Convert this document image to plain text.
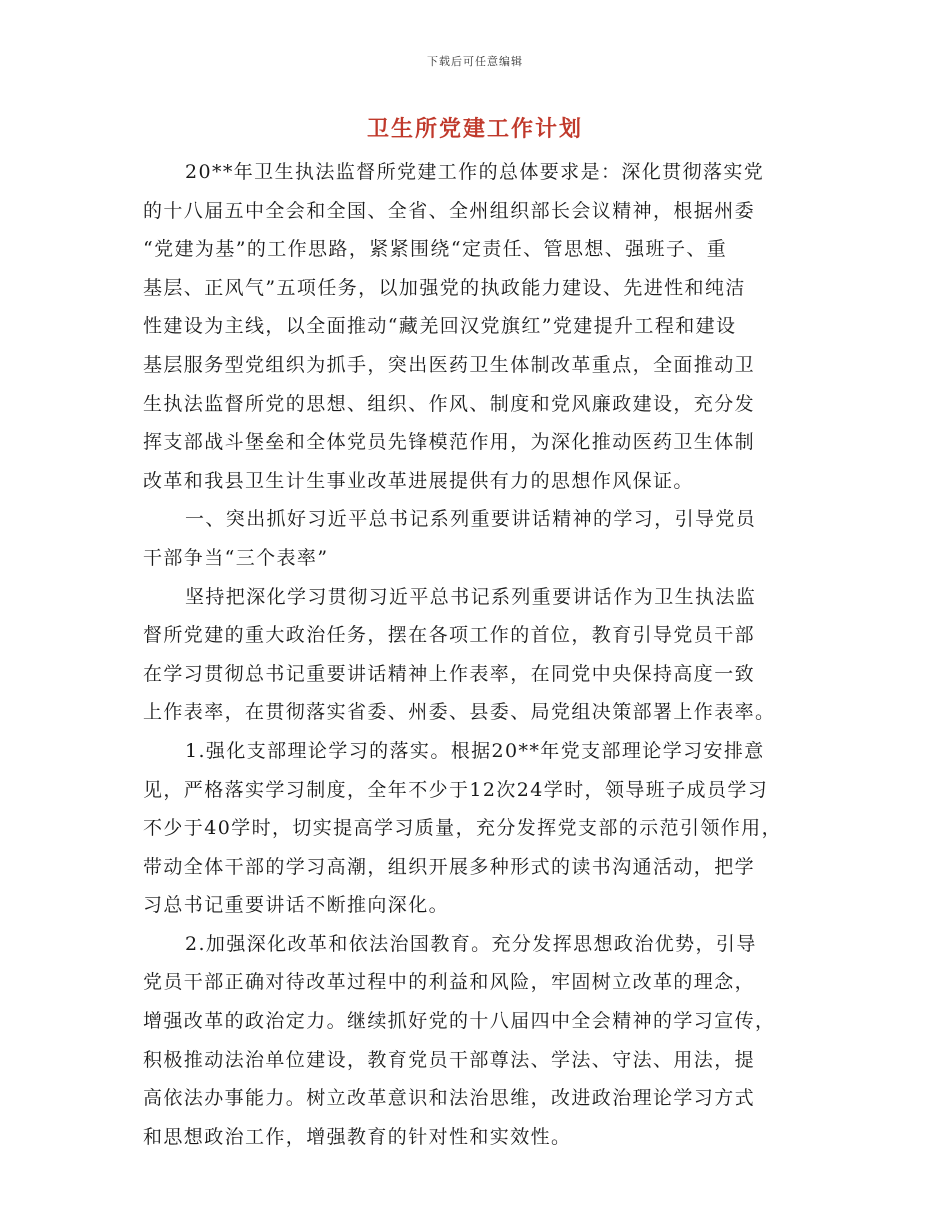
下载后可任意编辑
卫生所党建工作计划
20**年卫生执法监督所党建工作的总体要求是：深化贯彻落实党
的十八届五中全会和全国、全省、全州组织部长会议精神，根据州委
“党建为基”的工作思路，紧紧围绕“定责任、管思想、强班子、重
基层、正风气”五项任务，以加强党的执政能力建设、先进性和纯洁
性建设为主线，以全面推动“藏羌回汉党旗红”党建提升工程和建设
基层服务型党组织为抓手，突出医药卫生体制改革重点，全面推动卫
生执法监督所党的思想、组织、作风、制度和党风廉政建设，充分发
挥支部战斗堡垒和全体党员先锋模范作用，为深化推动医药卫生体制
改革和我县卫生计生事业改革进展提供有力的思想作风保证。
一、突出抓好习近平总书记系列重要讲话精神的学习，引导党员
干部争当“三个表率”
坚持把深化学习贯彻习近平总书记系列重要讲话作为卫生执法监
督所党建的重大政治任务，摆在各项工作的首位，教育引导党员干部
在学习贯彻总书记重要讲话精神上作表率，在同党中央保持高度一致
上作表率，在贯彻落实省委、州委、县委、局党组决策部署上作表率。
1.强化支部理论学习的落实。根据20**年党支部理论学习安排意
见，严格落实学习制度，全年不少于12次24学时，领导班子成员学习
不少于40学时，切实提高学习质量，充分发挥党支部的示范引领作用，
带动全体干部的学习高潮，组织开展多种形式的读书沟通活动，把学
习总书记重要讲话不断推向深化。
2.加强深化改革和依法治国教育。充分发挥思想政治优势，引导
党员干部正确对待改革过程中的利益和风险，牢固树立改革的理念，
增强改革的政治定力。继续抓好党的十八届四中全会精神的学习宣传，
积极推动法治单位建设，教育党员干部尊法、学法、守法、用法，提
高依法办事能力。树立改革意识和法治思维，改进政治理论学习方式
和思想政治工作，增强教育的针对性和实效性。
